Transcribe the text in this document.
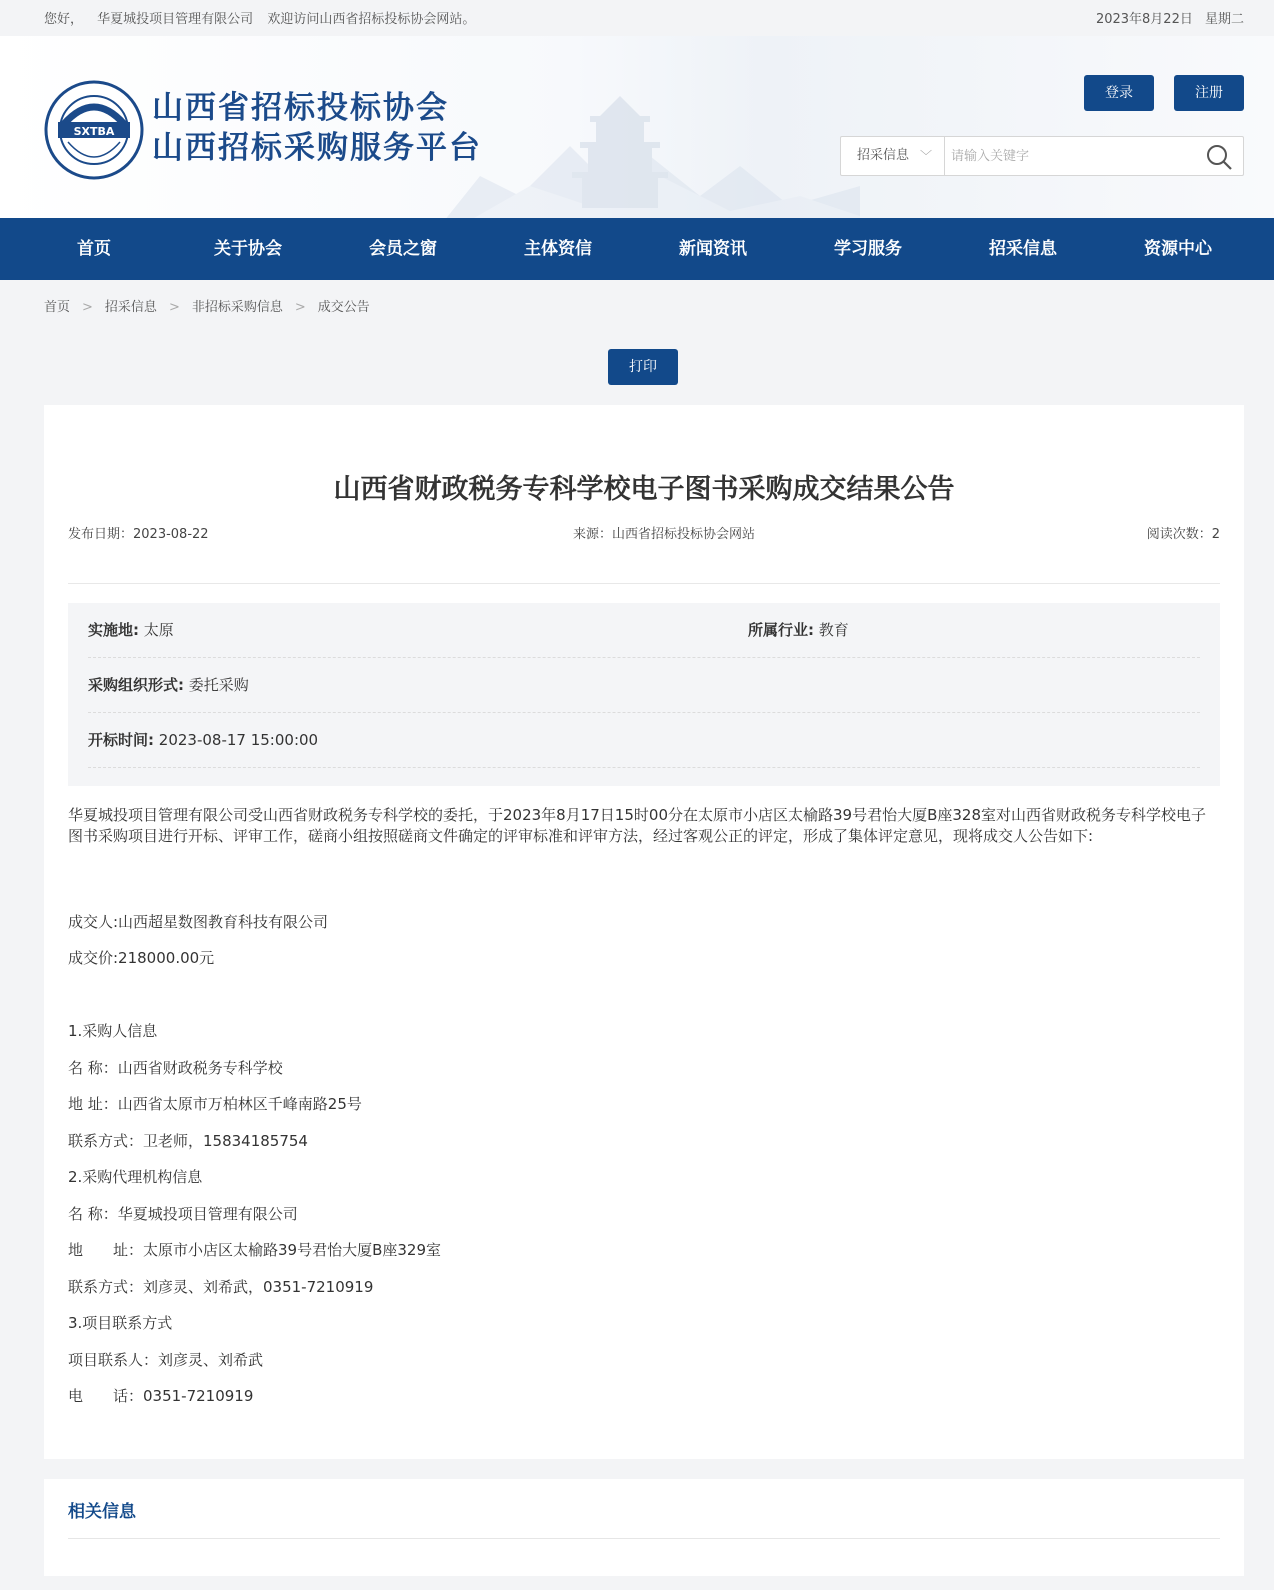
您好， 华夏城投项目管理有限公司 欢迎访问山西省招标投标协会网站。	2023年8月22日 星期二
SXTBA
山西省招标投标协会
山西招标采购服务平台
登录	注册
招采信息 ﹀
请输入关键字
首页	关于协会	会员之窗	主体资信	新闻资讯	学习服务	招采信息	资源中心
首页 > 招采信息 > 非招标采购信息 > 成交公告
打印
山西省财政税务专科学校电子图书采购成交结果公告
发布日期：2023-08-22	来源：山西省招标投标协会网站	阅读次数：2
实施地: 太原	所属行业: 教育
采购组织形式: 委托采购
开标时间: 2023-08-17 15:00:00
华夏城投项目管理有限公司受山西省财政税务专科学校的委托，于2023年8月17日15时00分在太原市小店区太榆路39号君怡大厦B座328室对山西省财政税务专科学校电子图书采购项目进行开标、评审工作，磋商小组按照磋商文件确定的评审标准和评审方法，经过客观公正的评定，形成了集体评定意见，现将成交人公告如下:
成交人:山西超星数图教育科技有限公司
成交价:218000.00元
1.采购人信息
名 称：山西省财政税务专科学校
地 址：山西省太原市万柏林区千峰南路25号
联系方式：卫老师，15834185754
2.采购代理机构信息
名 称：华夏城投项目管理有限公司
地　　址：太原市小店区太榆路39号君怡大厦B座329室
联系方式：刘彦灵、刘希武，0351-7210919
3.项目联系方式
项目联系人：刘彦灵、刘希武
电　　话：0351-7210919
相关信息
